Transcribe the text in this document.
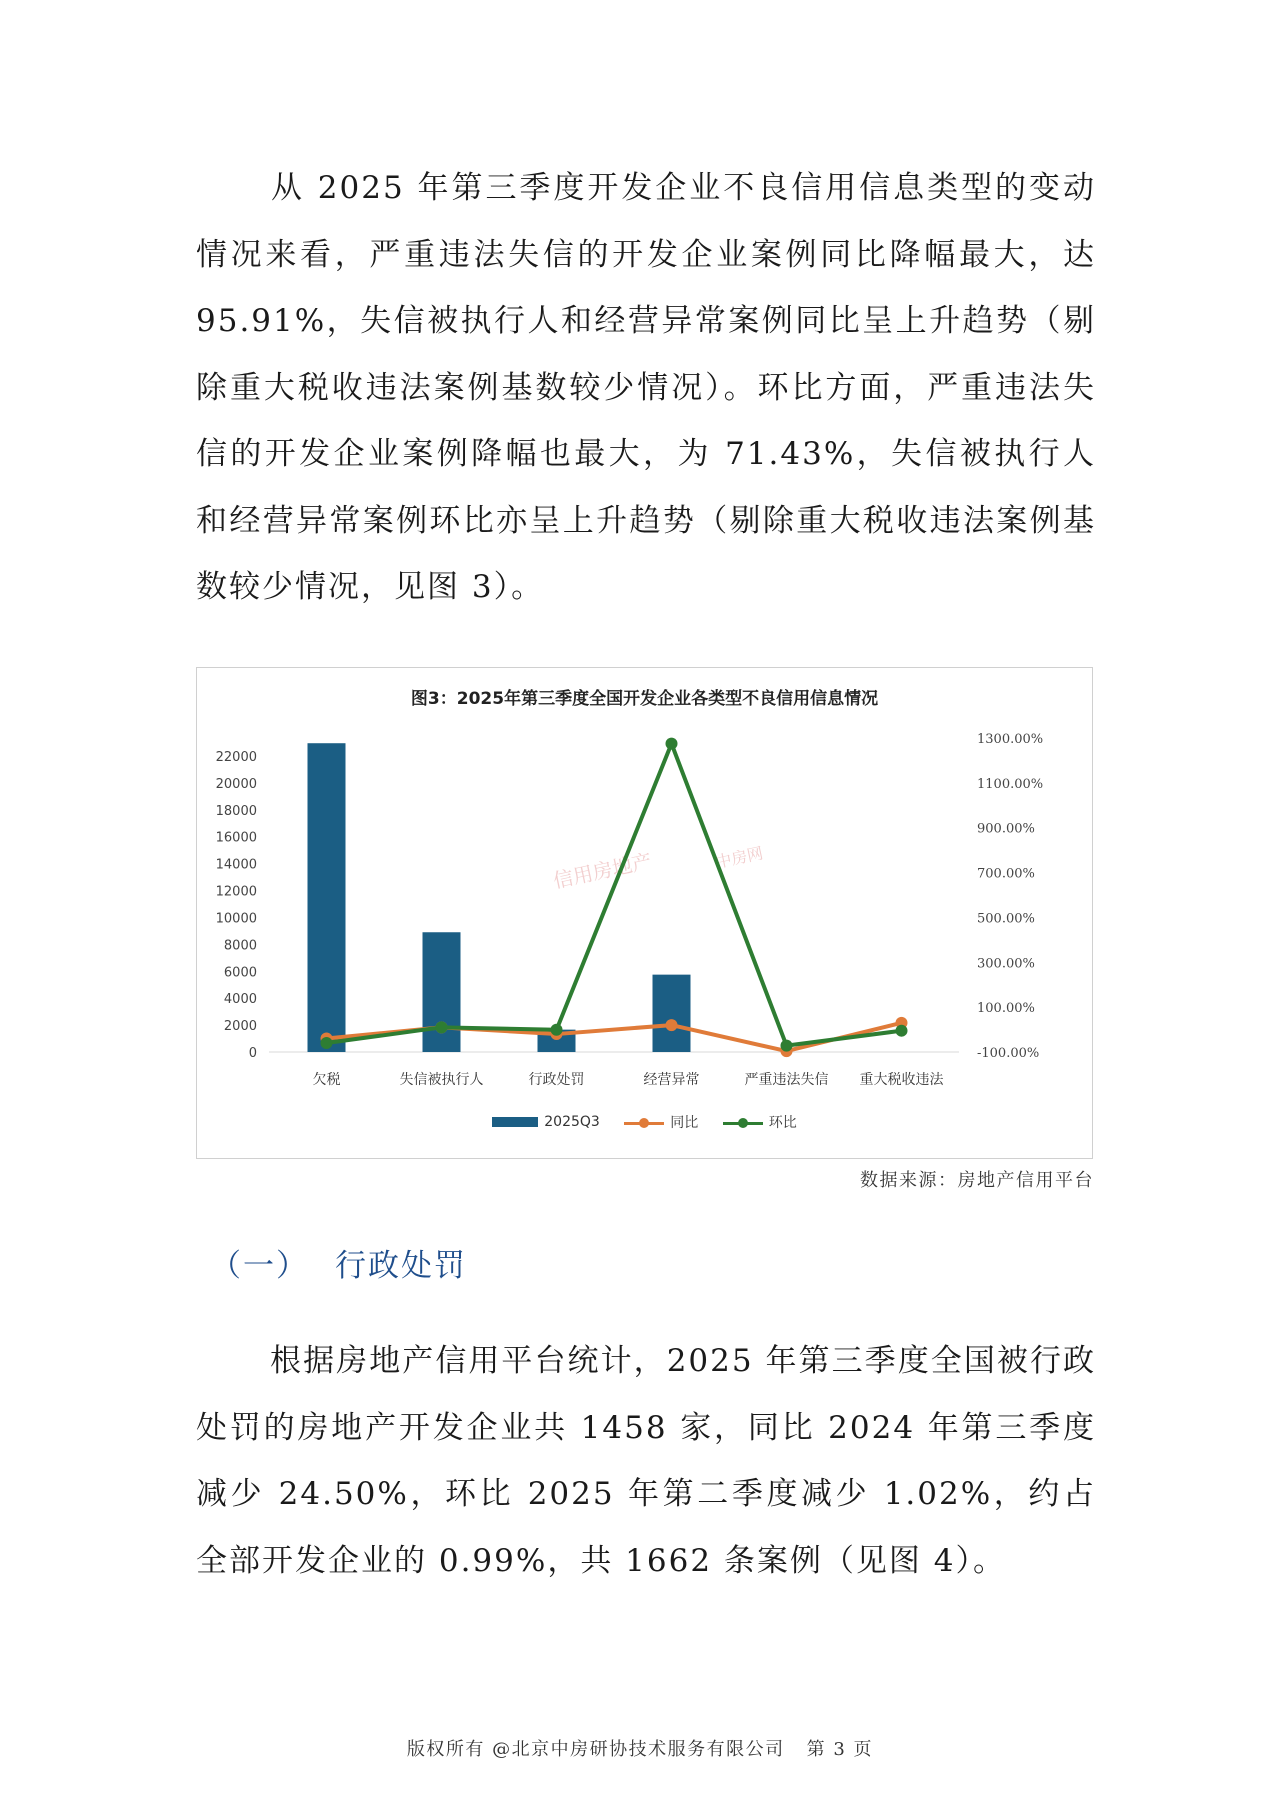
从 2025 年第三季度开发企业不良信用信息类型的变动情况来看，严重违法失信的开发企业案例同比降幅最大，达 95.91%，失信被执行人和经营异常案例同比呈上升趋势（剔除重大税收违法案例基数较少情况）。环比方面，严重违法失信的开发企业案例降幅也最大，为 71.43%，失信被执行人和经营异常案例环比亦呈上升趋势（剔除重大税收违法案例基数较少情况，见图 3）。

图3：2025年第三季度全国开发企业各类型不良信用信息情况
0
2000
4000
6000
8000
10000
12000
14000
16000
18000
20000
22000
-100.00%
100.00%
300.00%
500.00%
700.00%
900.00%
1100.00%
1300.00%
欠税	失信被执行人	行政处罚	经营异常	严重违法失信 重大税收违法
信用房地产	中房网
2025Q3	同比	环比
数据来源：房地产信用平台
（一） 行政处罚

根据房地产信用平台统计，2025 年第三季度全国被行政处罚的房地产开发企业共 1458 家，同比 2024 年第三季度减少 24.50%，环比 2025 年第二季度减少 1.02%，约占全部开发企业的 0.99%，共 1662 条案例（见图 4）。

版权所有 @北京中房研协技术服务有限公司 第 3 页
